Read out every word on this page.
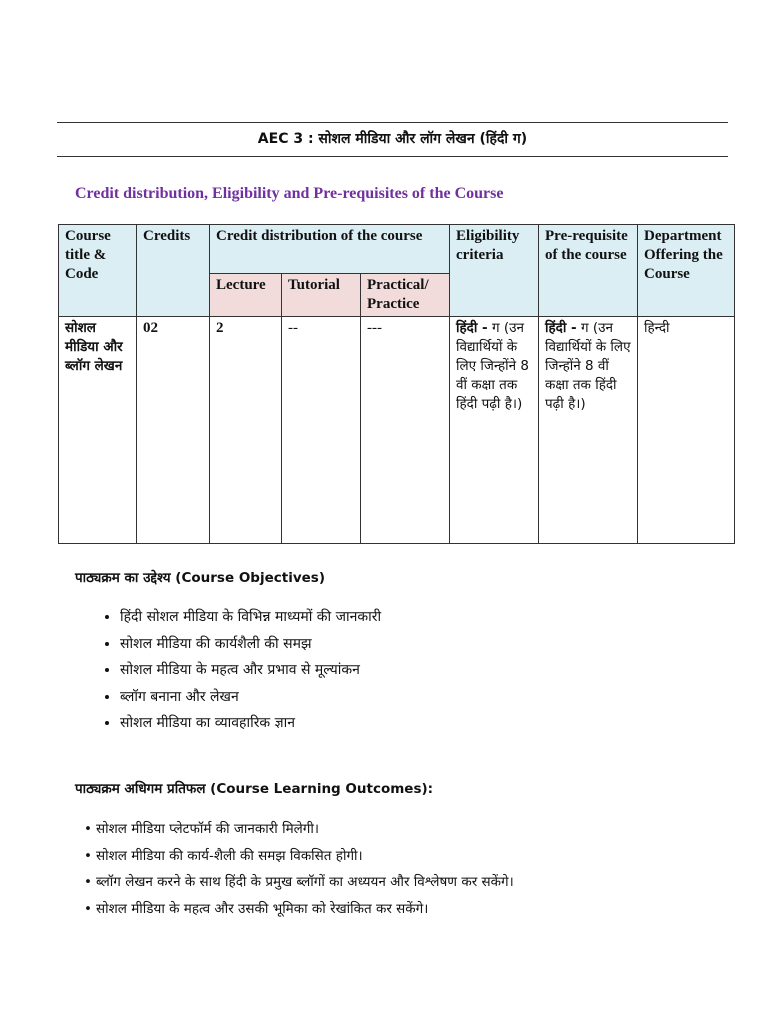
AEC 3 : सोशल मीडिया और लॉग लेखन (हिंदी ग)
Credit distribution, Eligibility and Pre-requisites of the Course
Course title & Code	Credits	Credit distribution of the course			Eligibility criteria	Pre-requisite of the course	Department Offering the Course
		Lecture	Tutorial	Practical/ Practice			
सोशल मीडिया और ब्लॉग लेखन	02	2	--	---	हिंदी - ग (उन विद्यार्थियों के लिए जिन्होंने 8 वीं कक्षा तक हिंदी पढ़ी है।)	हिंदी - ग (उन विद्यार्थियों के लिए जिन्होंने 8 वीं कक्षा तक हिंदी पढ़ी है।)	हिन्दी
पाठ्यक्रम का उद्देश्य (Course Objectives)
• हिंदी सोशल मीडिया के विभिन्न माध्यमों की जानकारी
• सोशल मीडिया की कार्यशैली की समझ
• सोशल मीडिया के महत्व और प्रभाव से मूल्यांकन
• ब्लॉग बनाना और लेखन
• सोशल मीडिया का व्यावहारिक ज्ञान
पाठ्यक्रम अधिगम प्रतिफल (Course Learning Outcomes):
• सोशल मीडिया प्लेटफॉर्म की जानकारी मिलेगी।
• सोशल मीडिया की कार्य-शैली की समझ विकसित होगी।
• ब्लॉग लेखन करने के साथ हिंदी के प्रमुख ब्लॉगों का अध्ययन और विश्लेषण कर सकेंगे।
• सोशल मीडिया के महत्व और उसकी भूमिका को रेखांकित कर सकेंगे।
